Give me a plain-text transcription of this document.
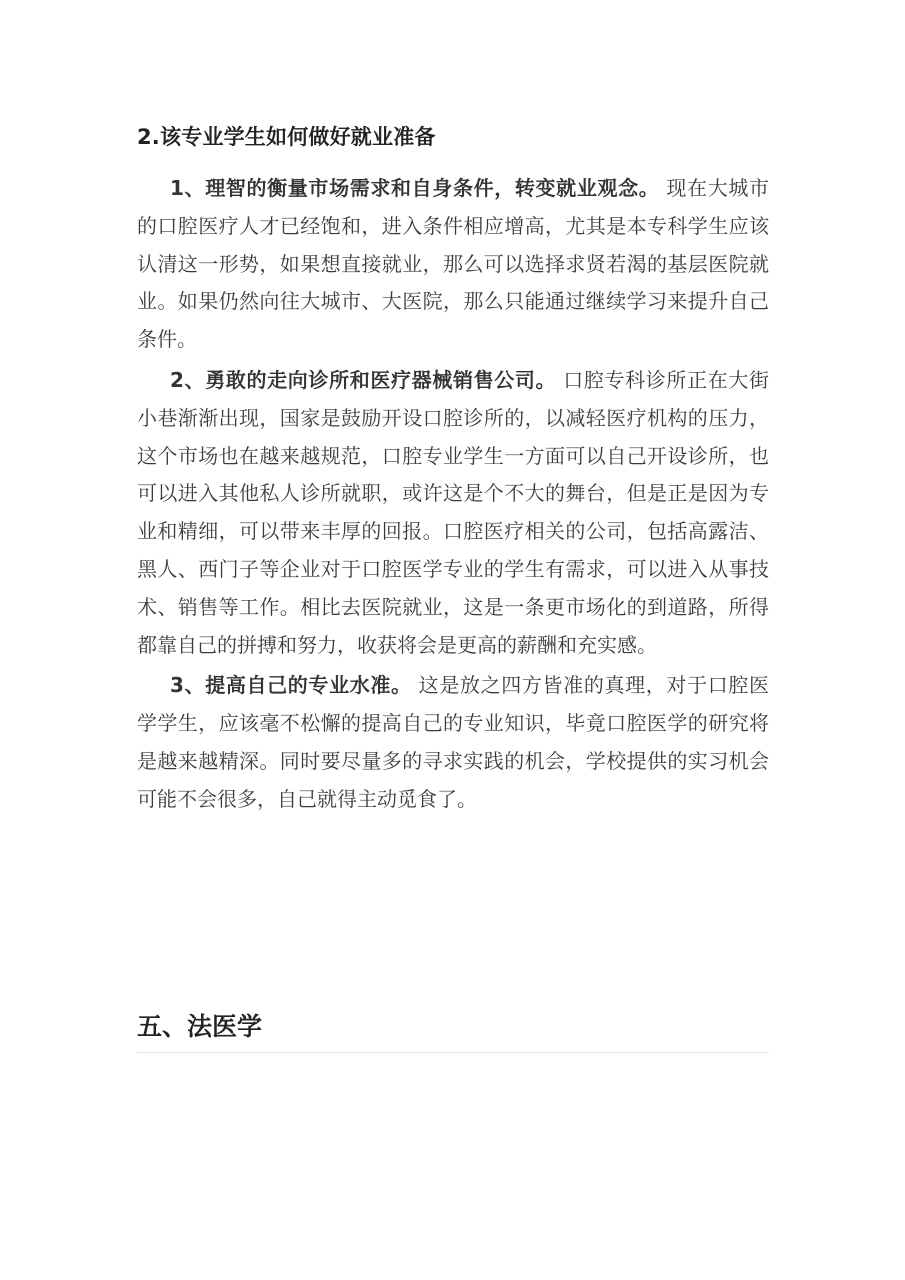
2.该专业学生如何做好就业准备

1、理智的衡量市场需求和自身条件，转变就业观念。 现在大城市的口腔医疗人才已经饱和，进入条件相应增高，尤其是本专科学生应该认清这一形势，如果想直接就业，那么可以选择求贤若渴的基层医院就业。如果仍然向往大城市、大医院，那么只能通过继续学习来提升自己条件。

2、勇敢的走向诊所和医疗器械销售公司。 口腔专科诊所正在大街小巷渐渐出现，国家是鼓励开设口腔诊所的，以减轻医疗机构的压力，这个市场也在越来越规范，口腔专业学生一方面可以自己开设诊所，也可以进入其他私人诊所就职，或许这是个不大的舞台，但是正是因为专业和精细，可以带来丰厚的回报。口腔医疗相关的公司，包括高露洁、黑人、西门子等企业对于口腔医学专业的学生有需求，可以进入从事技术、销售等工作。相比去医院就业，这是一条更市场化的到道路，所得都靠自己的拼搏和努力，收获将会是更高的薪酬和充实感。

3、提高自己的专业水准。 这是放之四方皆准的真理，对于口腔医学学生，应该毫不松懈的提高自己的专业知识，毕竟口腔医学的研究将是越来越精深。同时要尽量多的寻求实践的机会，学校提供的实习机会可能不会很多，自己就得主动觅食了。

五、法医学
